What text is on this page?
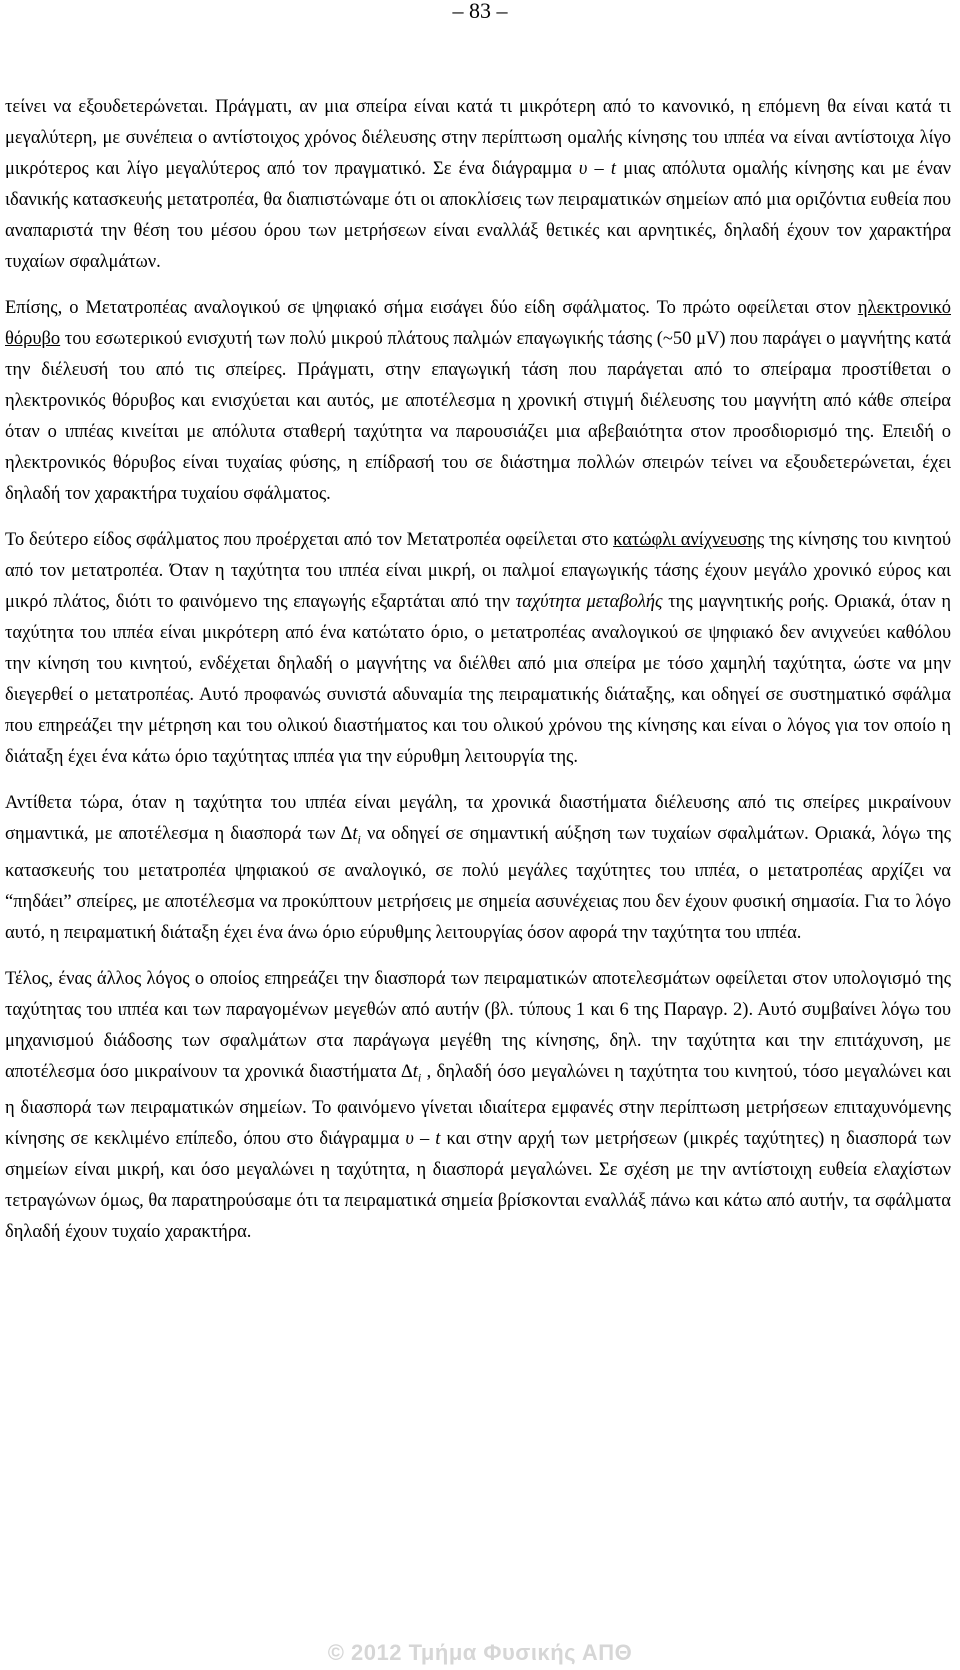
– 83 –

τείνει να εξουδετερώνεται. Πράγματι, αν μια σπείρα είναι κατά τι μικρότερη από το κανονικό, η επόμενη θα είναι κατά τι μεγαλύτερη, με συνέπεια ο αντίστοιχος χρόνος διέλευσης στην περίπτωση ομαλής κίνησης του ιππέα να είναι αντίστοιχα λίγο μικρότερος και λίγο μεγαλύτερος από τον πραγματικό. Σε ένα διάγραμμα υ – t μιας απόλυτα ομαλής κίνησης και με έναν ιδανικής κατασκευής μετατροπέα, θα διαπιστώναμε ότι οι αποκλίσεις των πειραματικών σημείων από μια οριζόντια ευθεία που αναπαριστά την θέση του μέσου όρου των μετρήσεων είναι εναλλάξ θετικές και αρνητικές, δηλαδή έχουν τον χαρακτήρα τυχαίων σφαλμάτων.

Επίσης, ο Μετατροπέας αναλογικού σε ψηφιακό σήμα εισάγει δύο είδη σφάλματος. Το πρώτο οφείλεται στον ηλεκτρονικό θόρυβο του εσωτερικού ενισχυτή των πολύ μικρού πλάτους παλμών επαγωγικής τάσης (~50 μV) που παράγει ο μαγνήτης κατά την διέλευσή του από τις σπείρες. Πράγματι, στην επαγωγική τάση που παράγεται από το σπείραμα προστίθεται ο ηλεκτρονικός θόρυβος και ενισχύεται και αυτός, με αποτέλεσμα η χρονική στιγμή διέλευσης του μαγνήτη από κάθε σπείρα όταν ο ιππέας κινείται με απόλυτα σταθερή ταχύτητα να παρουσιάζει μια αβεβαιότητα στον προσδιορισμό της. Επειδή ο ηλεκτρονικός θόρυβος είναι τυχαίας φύσης, η επίδρασή του σε διάστημα πολλών σπειρών τείνει να εξουδετερώνεται, έχει δηλαδή τον χαρακτήρα τυχαίου σφάλματος.

Το δεύτερο είδος σφάλματος που προέρχεται από τον Μετατροπέα οφείλεται στο κατώφλι ανίχνευσης της κίνησης του κινητού από τον μετατροπέα. Όταν η ταχύτητα του ιππέα είναι μικρή, οι παλμοί επαγωγικής τάσης έχουν μεγάλο χρονικό εύρος και μικρό πλάτος, διότι το φαινόμενο της επαγωγής εξαρτάται από την ταχύτητα μεταβολής της μαγνητικής ροής. Οριακά, όταν η ταχύτητα του ιππέα είναι μικρότερη από ένα κατώτατο όριο, ο μετατροπέας αναλογικού σε ψηφιακό δεν ανιχνεύει καθόλου την κίνηση του κινητού, ενδέχεται δηλαδή ο μαγνήτης να διέλθει από μια σπείρα με τόσο χαμηλή ταχύτητα, ώστε να μην διεγερθεί ο μετατροπέας. Αυτό προφανώς συνιστά αδυναμία της πειραματικής διάταξης, και οδηγεί σε συστηματικό σφάλμα που επηρεάζει την μέτρηση και του ολικού διαστήματος και του ολικού χρόνου της κίνησης και είναι ο λόγος για τον οποίο η διάταξη έχει ένα κάτω όριο ταχύτητας ιππέα για την εύρυθμη λειτουργία της.

Αντίθετα τώρα, όταν η ταχύτητα του ιππέα είναι μεγάλη, τα χρονικά διαστήματα διέλευσης από τις σπείρες μικραίνουν σημαντικά, με αποτέλεσμα η διασπορά των $\Delta t_i$ να οδηγεί σε σημαντική αύξηση των τυχαίων σφαλμάτων. Οριακά, λόγω της κατασκευής του μετατροπέα ψηφιακού σε αναλογικό, σε πολύ μεγάλες ταχύτητες του ιππέα, ο μετατροπέας αρχίζει να “πηδάει” σπείρες, με αποτέλεσμα να προκύπτουν μετρήσεις με σημεία ασυνέχειας που δεν έχουν φυσική σημασία. Για το λόγο αυτό, η πειραματική διάταξη έχει ένα άνω όριο εύρυθμης λειτουργίας όσον αφορά την ταχύτητα του ιππέα.

Τέλος, ένας άλλος λόγος ο οποίος επηρεάζει την διασπορά των πειραματικών αποτελεσμάτων οφείλεται στον υπολογισμό της ταχύτητας του ιππέα και των παραγομένων μεγεθών από αυτήν (βλ. τύπους 1 και 6 της Παραγρ. 2). Αυτό συμβαίνει λόγω του μηχανισμού διάδοσης των σφαλμάτων στα παράγωγα μεγέθη της κίνησης, δηλ. την ταχύτητα και την επιτάχυνση, με αποτέλεσμα όσο μικραίνουν τα χρονικά διαστήματα $\Delta t_i$ , δηλαδή όσο μεγαλώνει η ταχύτητα του κινητού, τόσο μεγαλώνει και η διασπορά των πειραματικών σημείων. Το φαινόμενο γίνεται ιδιαίτερα εμφανές στην περίπτωση μετρήσεων επιταχυνόμενης κίνησης σε κεκλιμένο επίπεδο, όπου στο διάγραμμα υ – t και στην αρχή των μετρήσεων (μικρές ταχύτητες) η διασπορά των σημείων είναι μικρή, και όσο μεγαλώνει η ταχύτητα, η διασπορά μεγαλώνει. Σε σχέση με την αντίστοιχη ευθεία ελαχίστων τετραγώνων όμως, θα παρατηρούσαμε ότι τα πειραματικά σημεία βρίσκονται εναλλάξ πάνω και κάτω από αυτήν, τα σφάλματα δηλαδή έχουν τυχαίο χαρακτήρα.

© 2012 Τμήμα Φυσικής ΑΠΘ
